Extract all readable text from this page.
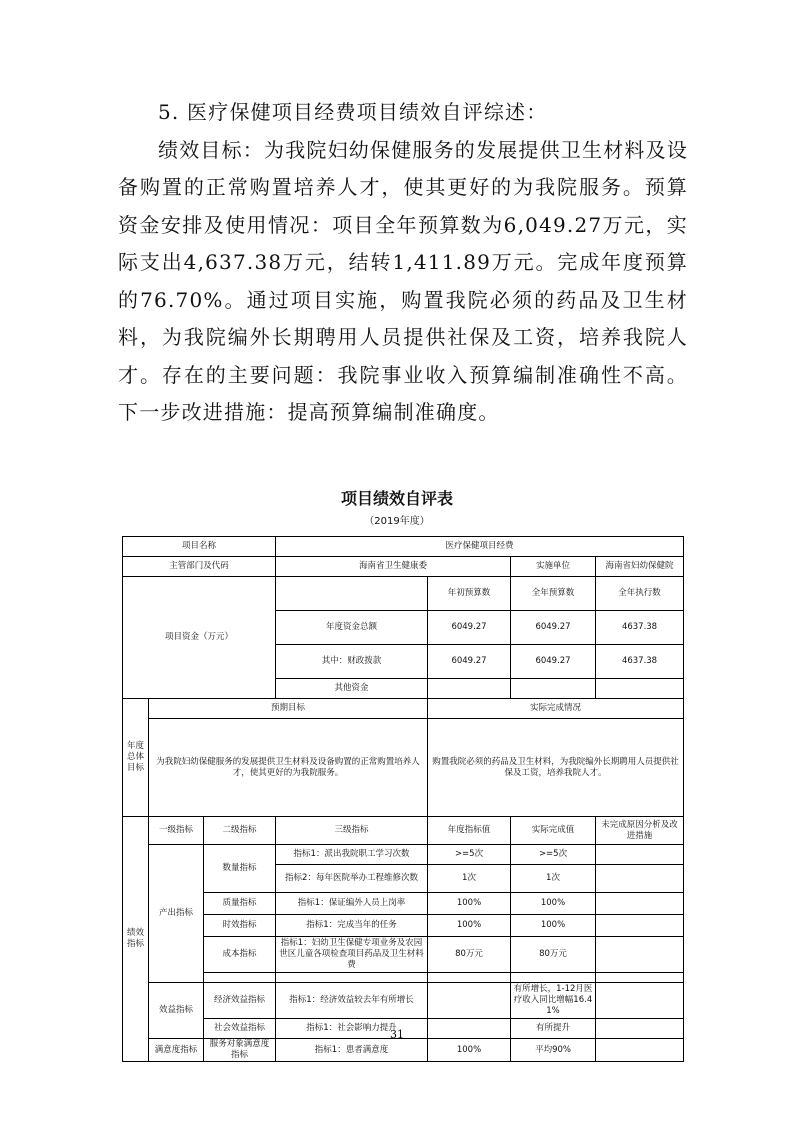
5. 医疗保健项目经费项目绩效自评综述：

绩效目标：为我院妇幼保健服务的发展提供卫生材料及设备购置的正常购置培养人才，使其更好的为我院服务。预算资金安排及使用情况：项目全年预算数为6,049.27万元，实际支出4,637.38万元，结转1,411.89万元。完成年度预算的76.70%。通过项目实施，购置我院必须的药品及卫生材料，为我院编外长期聘用人员提供社保及工资，培养我院人才。存在的主要问题：我院事业收入预算编制准确性不高。下一步改进措施：提高预算编制准确度。

项目绩效自评表
（2019年度）
项目名称			医疗保健项目经费				
主管部门及代码			海南省卫生健康委		实施单位	海南省妇幼保健院	
项目资金（万元）				年初预算数	全年预算数	全年执行数	
			年度资金总额	6049.27	6049.27	4637.38	
			其中：财政拨款	6049.27	6049.27	4637.38	
			其他资金				
年度总体目标	预期目标			实际完成情况			
	为我院妇幼保健服务的发展提供卫生材料及设备购置的正常购置培养人才，使其更好的为我院服务。			购置我院必须的药品及卫生材料，为我院编外长期聘用人员提供社保及工资，培养我院人才。			
绩效指标	一级指标	二级指标	三级指标	年度指标值	实际完成值	未完成原因分析及改进措施	
	产出指标	数量指标	指标1：派出我院职工学习次数	>=5次	>=5次		
			指标2：每年医院举办工程维修次数	1次	1次		
		质量指标	指标1：保证编外人员上岗率	100%	100%		
		时效指标	指标1：完成当年的任务	100%	100%		
		成本指标	指标1：妇幼卫生保健专项业务及农园世区儿童各项检查项目药品及卫生材料费	80万元	80万元		

	效益指标	经济效益指标	指标1：经济效益较去年有所增长		有所增长，1-12月医疗收入同比增幅16.41%		
		社会效益指标	指标1：社会影响力提升		有所提升		
	满意度指标	服务对象满意度指标	指标1：患者满意度	100%	平均90%		
31
